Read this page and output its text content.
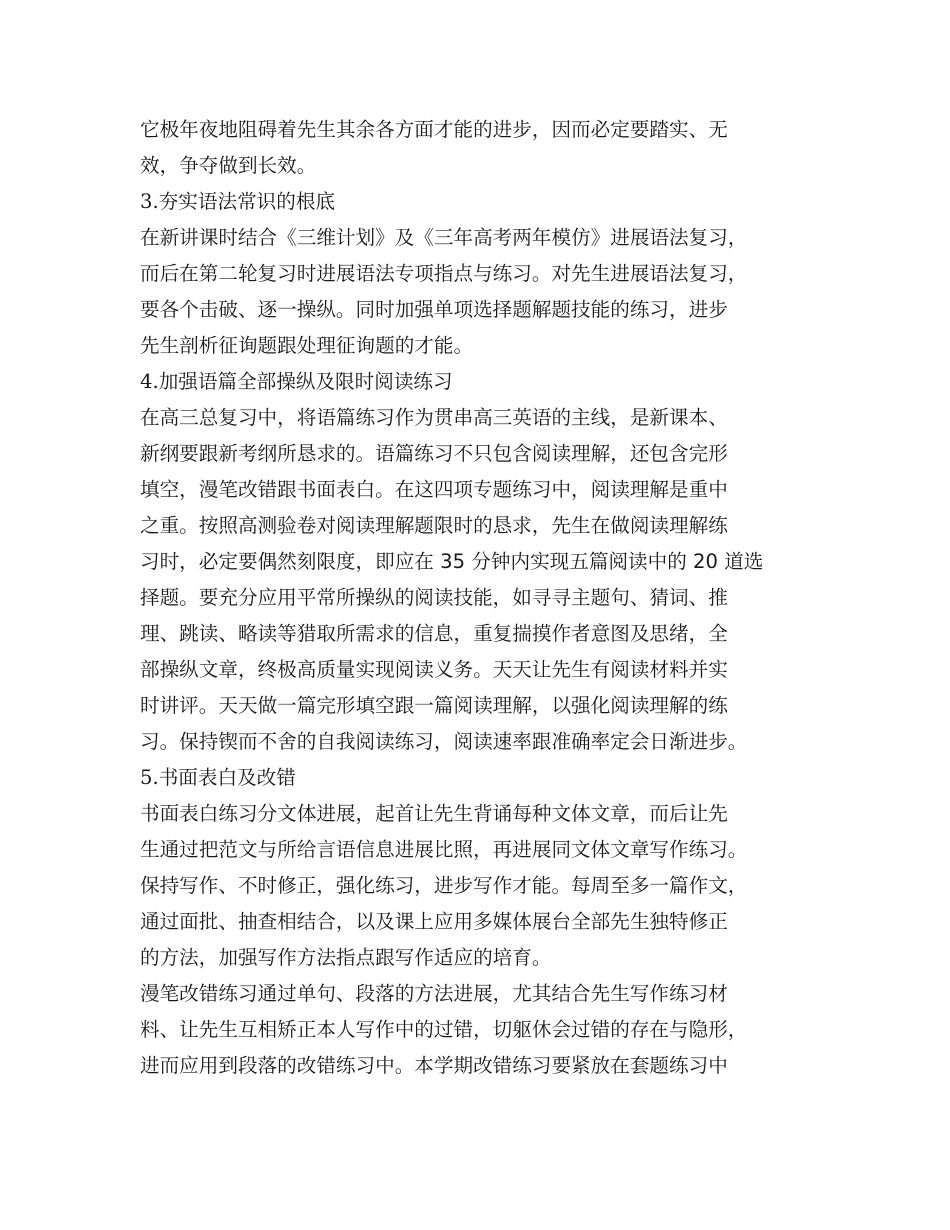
它极年夜地阻碍着先生其余各方面才能的进步，因而必定要踏实、无
效，争夺做到长效。
3.夯实语法常识的根底
在新讲课时结合《三维计划》及《三年高考两年模仿》进展语法复习，
而后在第二轮复习时进展语法专项指点与练习。对先生进展语法复习，
要各个击破、逐一操纵。同时加强单项选择题解题技能的练习，进步
先生剖析征询题跟处理征询题的才能。
4.加强语篇全部操纵及限时阅读练习
在高三总复习中，将语篇练习作为贯串高三英语的主线，是新课本、
新纲要跟新考纲所恳求的。语篇练习不只包含阅读理解，还包含完形
填空，漫笔改错跟书面表白。在这四项专题练习中，阅读理解是重中
之重。按照高测验卷对阅读理解题限时的恳求，先生在做阅读理解练
习时，必定要偶然刻限度，即应在 35 分钟内实现五篇阅读中的 20 道选
择题。要充分应用平常所操纵的阅读技能，如寻寻主题句、猜词、推
理、跳读、略读等猎取所需求的信息，重复揣摸作者意图及思绪，全
部操纵文章，终极高质量实现阅读义务。天天让先生有阅读材料并实
时讲评。天天做一篇完形填空跟一篇阅读理解，以强化阅读理解的练
习。保持锲而不舍的自我阅读练习，阅读速率跟准确率定会日渐进步。
5.书面表白及改错
书面表白练习分文体进展，起首让先生背诵每种文体文章，而后让先
生通过把范文与所给言语信息进展比照，再进展同文体文章写作练习。
保持写作、不时修正，强化练习，进步写作才能。每周至多一篇作文，
通过面批、抽查相结合，以及课上应用多媒体展台全部先生独特修正
的方法，加强写作方法指点跟写作适应的培育。
漫笔改错练习通过单句、段落的方法进展，尤其结合先生写作练习材
料、让先生互相矫正本人写作中的过错，切躯休会过错的存在与隐形，
进而应用到段落的改错练习中。本学期改错练习要紧放在套题练习中
